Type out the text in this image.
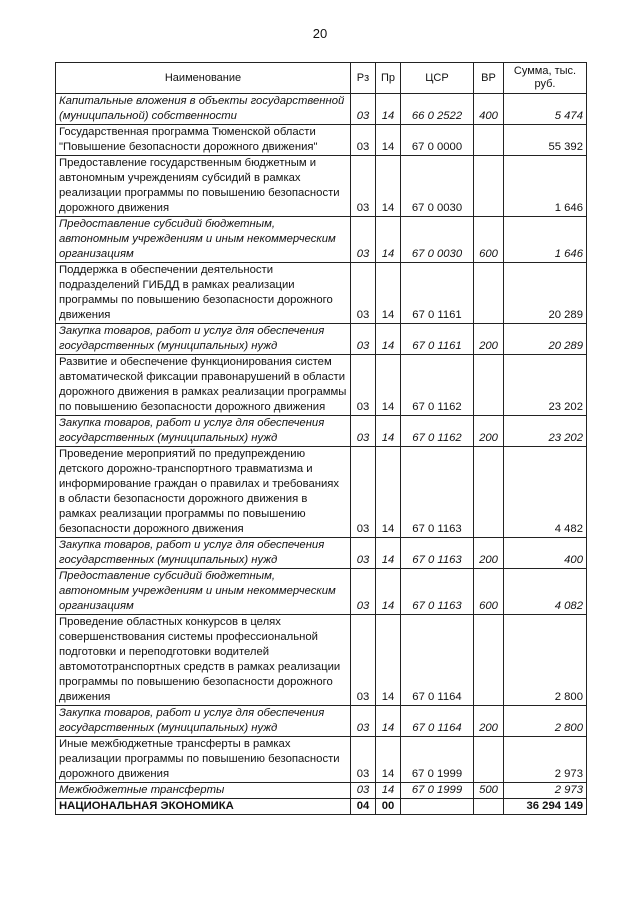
20
Наименование	Рз	Пр	ЦСР	ВР	Сумма, тыс. руб.
Капитальные вложения в объекты государственной (муниципальной) собственности	03	14	66 0 2522	400	5 474
Государственная программа Тюменской области "Повышение безопасности дорожного движения"	03	14	67 0 0000		55 392
Предоставление государственным бюджетным и автономным учреждениям субсидий в рамках реализации программы по повышению безопасности дорожного движения	03	14	67 0 0030		1 646
Предоставление субсидий бюджетным, автономным учреждениям и иным некоммерческим организациям	03	14	67 0 0030	600	1 646
Поддержка в обеспечении деятельности подразделений ГИБДД в рамках реализации программы по повышению безопасности дорожного движения	03	14	67 0 1161		20 289
Закупка товаров, работ и услуг для обеспечения государственных (муниципальных) нужд	03	14	67 0 1161	200	20 289
Развитие и обеспечение функционирования систем автоматической фиксации правонарушений в области дорожного движения в рамках реализации программы по повышению безопасности дорожного движения	03	14	67 0 1162		23 202
Закупка товаров, работ и услуг для обеспечения государственных (муниципальных) нужд	03	14	67 0 1162	200	23 202
Проведение мероприятий по предупреждению детского дорожно-транспортного травматизма и информирование граждан о правилах и требованиях в области безопасности дорожного движения в рамках реализации программы по повышению безопасности дорожного движения	03	14	67 0 1163		4 482
Закупка товаров, работ и услуг для обеспечения государственных (муниципальных) нужд	03	14	67 0 1163	200	400
Предоставление субсидий бюджетным, автономным учреждениям и иным некоммерческим организациям	03	14	67 0 1163	600	4 082
Проведение областных конкурсов в целях совершенствования системы профессиональной подготовки и переподготовки водителей автомототранспортных средств в рамках реализации программы по повышению безопасности дорожного движения	03	14	67 0 1164		2 800
Закупка товаров, работ и услуг для обеспечения государственных (муниципальных) нужд	03	14	67 0 1164	200	2 800
Иные межбюджетные трансферты в рамках реализации программы по повышению безопасности дорожного движения	03	14	67 0 1999		2 973
Межбюджетные трансферты	03	14	67 0 1999	500	2 973
НАЦИОНАЛЬНАЯ ЭКОНОМИКА	04	00			36 294 149
